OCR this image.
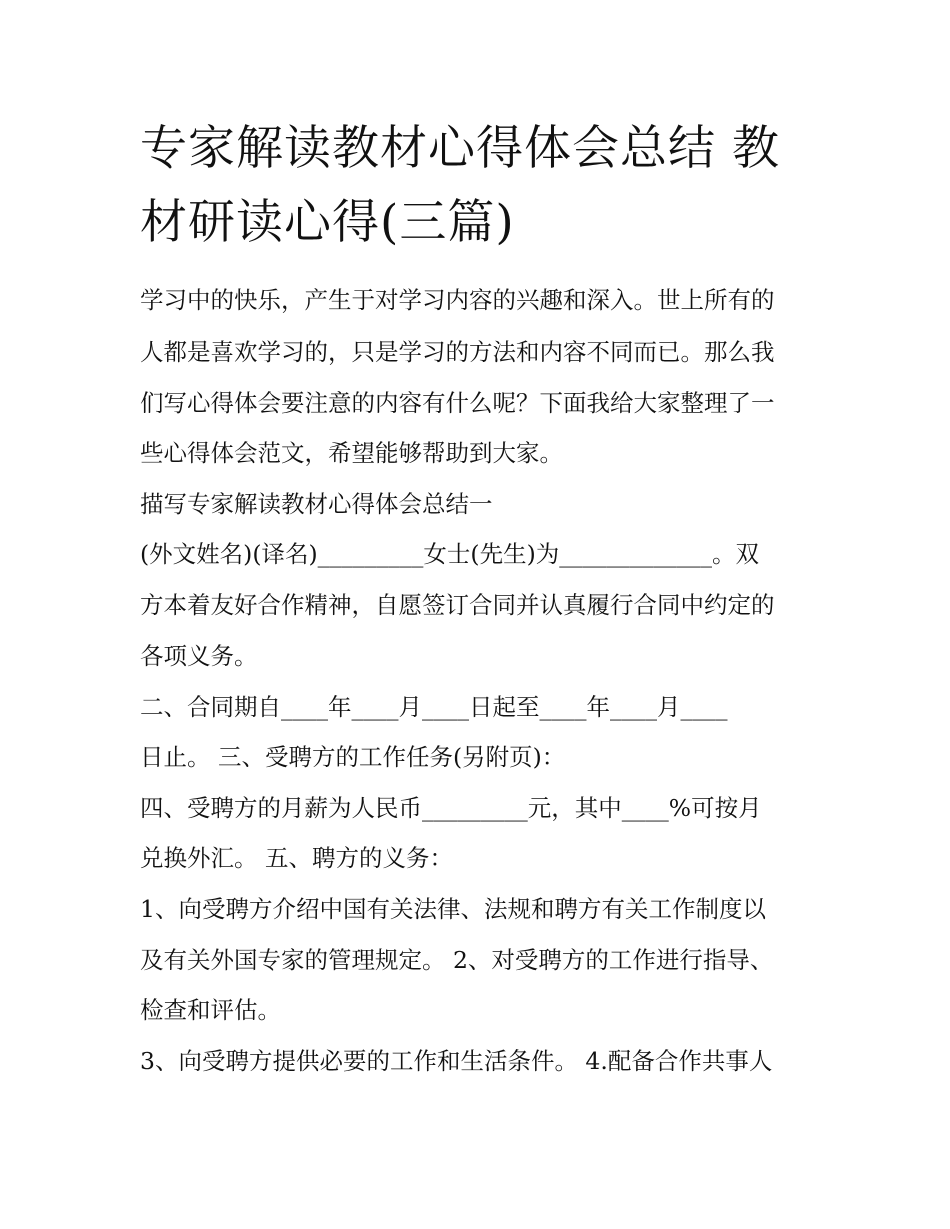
专家解读教材心得体会总结 教
材研读心得(三篇)

学习中的快乐，产生于对学习内容的兴趣和深入。世上所有的

人都是喜欢学习的，只是学习的方法和内容不同而已。那么我

们写心得体会要注意的内容有什么呢？下面我给大家整理了一

些心得体会范文，希望能够帮助到大家。

描写专家解读教材心得体会总结一

(外文姓名)(译名)_________女士(先生)为_____________。双

方本着友好合作精神，自愿签订合同并认真履行合同中约定的

各项义务。

二、合同期自____年____月____日起至____年____月____

日止。 三、受聘方的工作任务(另附页)：

四、受聘方的月薪为人民币_________元，其中____%可按月

兑换外汇。 五、聘方的义务：

1、向受聘方介绍中国有关法律、法规和聘方有关工作制度以

及有关外国专家的管理规定。 2、对受聘方的工作进行指导、

检查和评估。

3、向受聘方提供必要的工作和生活条件。 4.配备合作共事人
